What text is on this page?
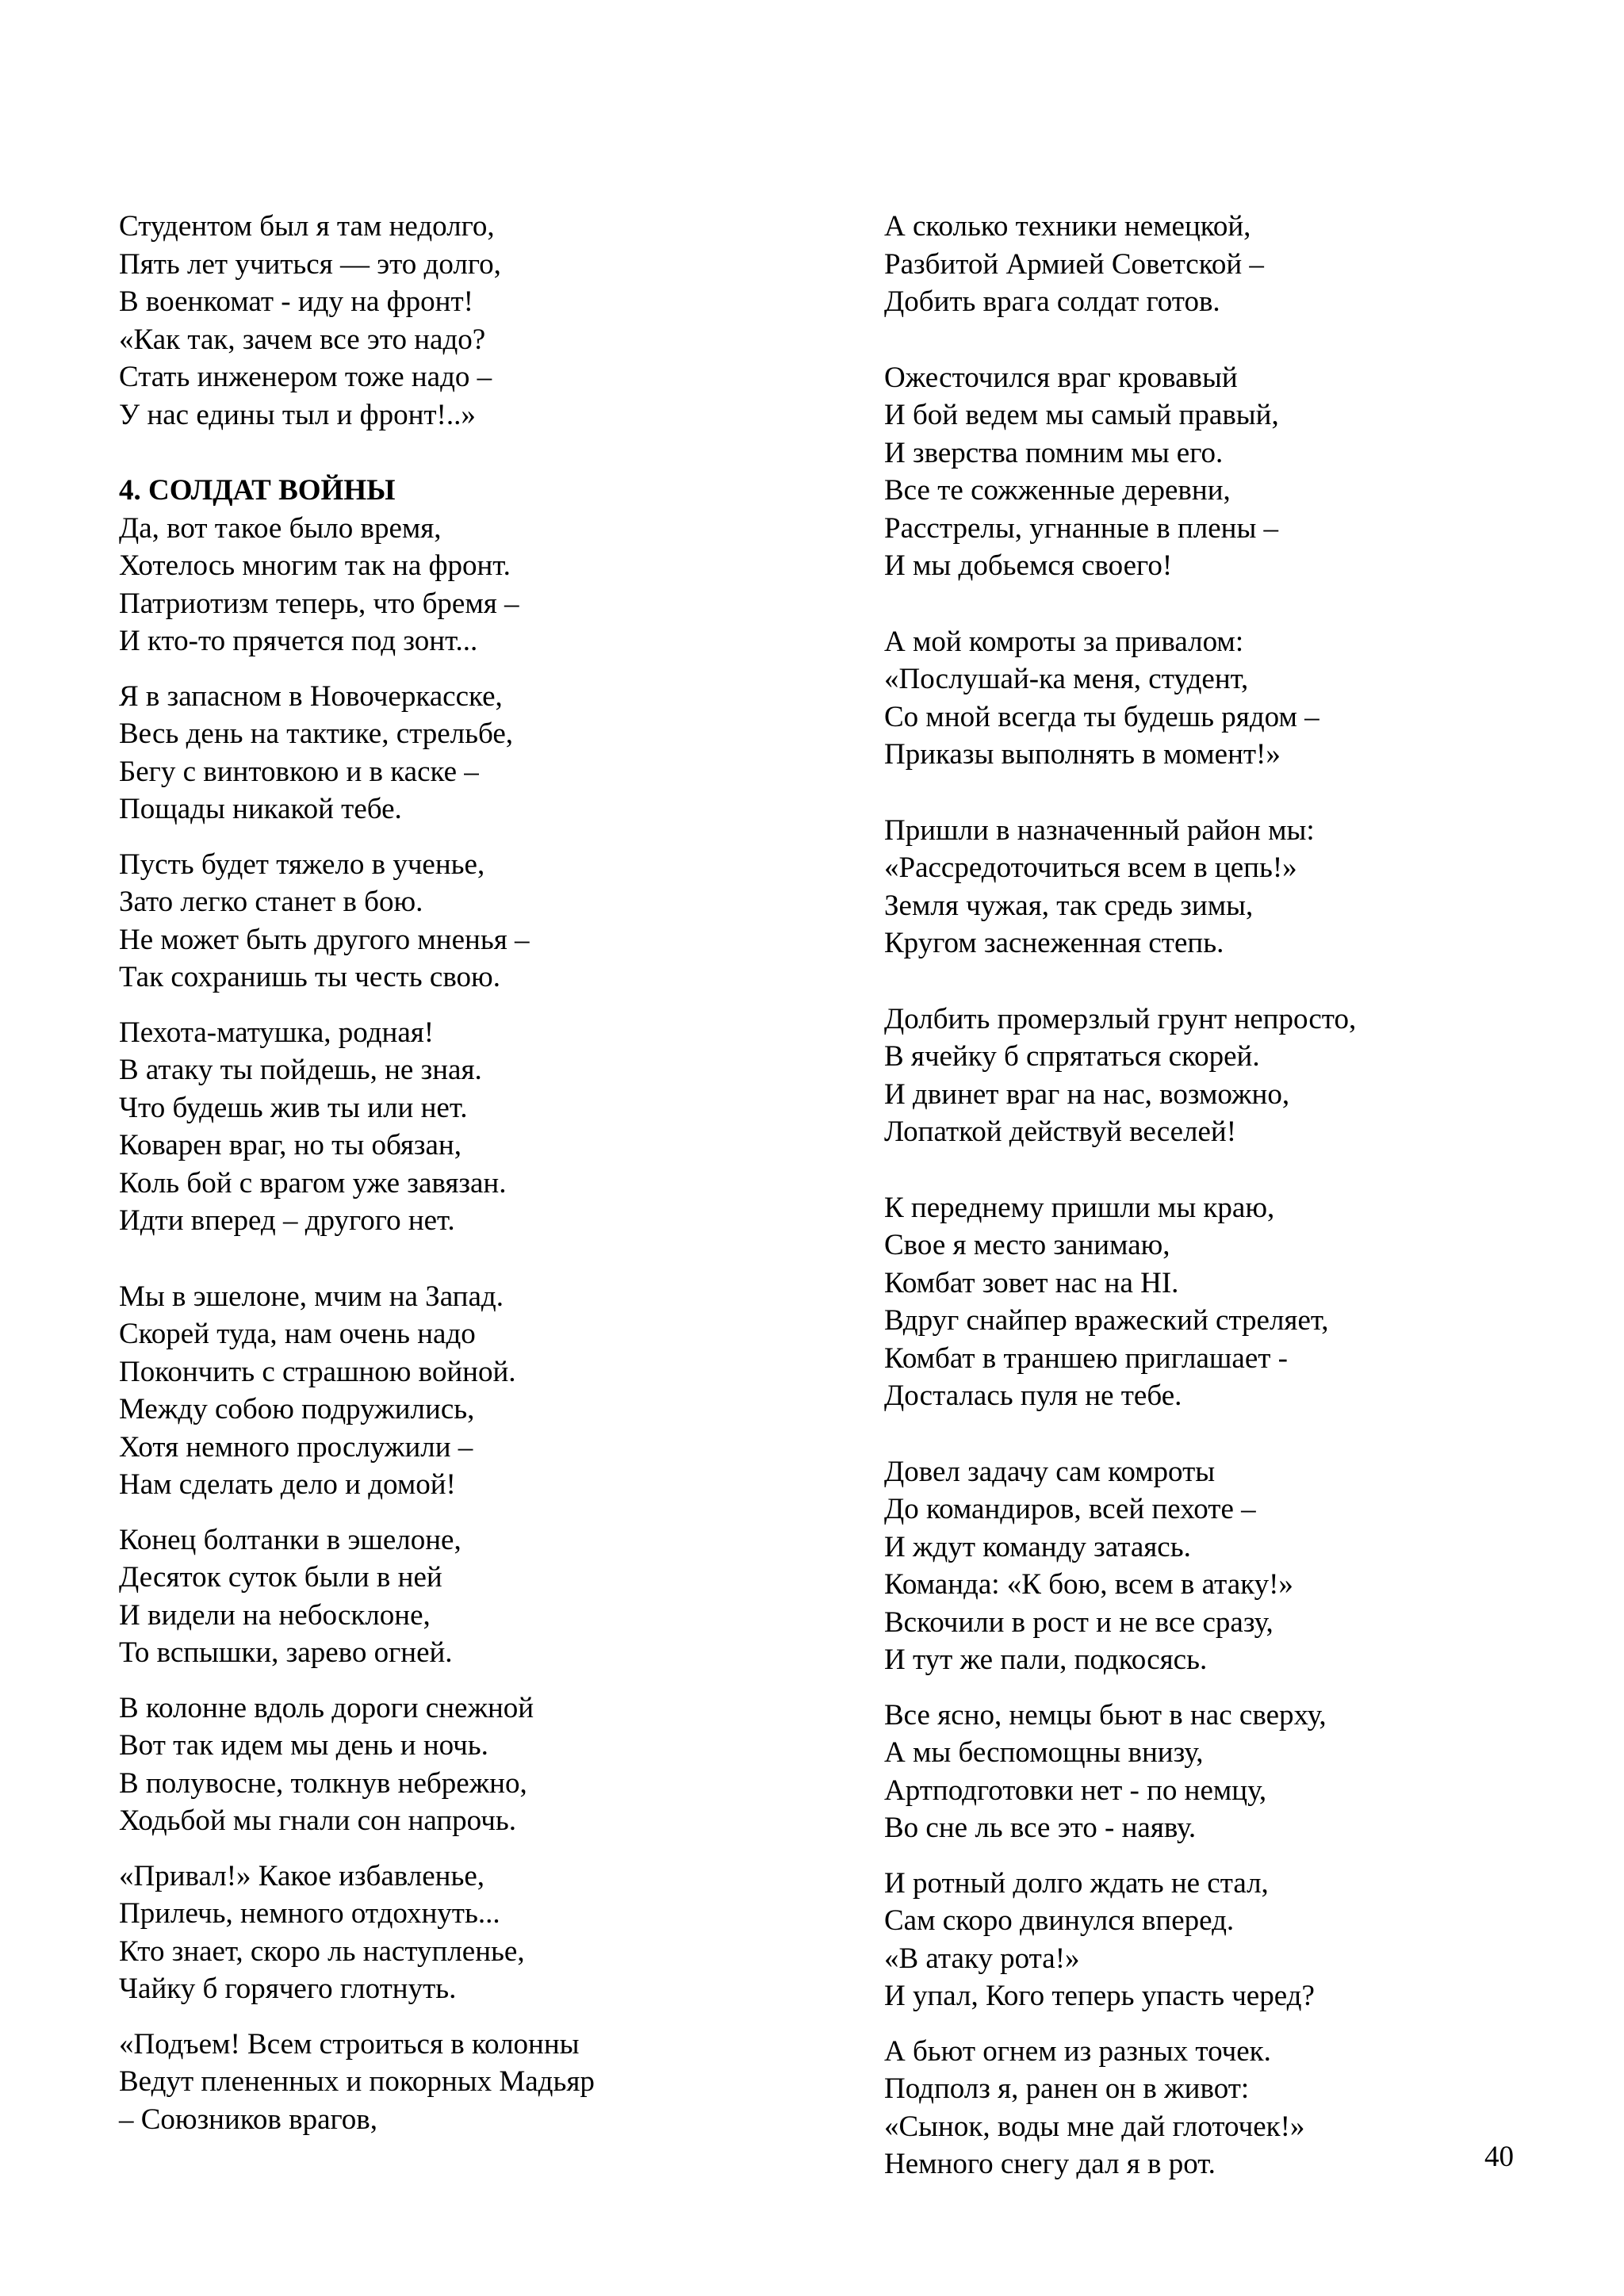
Студентом был я там недолго,
Пять лет учиться — это долго,
В военкомат - иду на фронт!
«Как так, зачем все это надо?
Стать инженером тоже надо –
У нас едины тыл и фронт!..»
4. СОЛДАТ ВОЙНЫ
Да, вот такое было время,
Хотелось многим так на фронт.
Патриотизм теперь, что бремя –
И кто-то прячется под зонт...
Я в запасном в Новочеркасске,
Весь день на тактике, стрельбе,
Бегу с винтовкою и в каске –
Пощады никакой тебе.
Пусть будет тяжело в ученье,
Зато легко станет в бою.
Не может быть другого мненья –
Так сохранишь ты честь свою.
Пехота-матушка, родная!
В атаку ты пойдешь, не зная.
Что будешь жив ты или нет.
Коварен враг, но ты обязан,
Коль бой с врагом уже завязан.
Идти вперед – другого нет.
Мы в эшелоне, мчим на Запад.
Скорей туда, нам очень надо
Покончить с страшною войной.
Между собою подружились,
Хотя немного прослужили –
Нам сделать дело и домой!
Конец болтанки в эшелоне,
Десяток суток были в ней
И видели на небосклоне,
То вспышки, зарево огней.
В колонне вдоль дороги снежной
Вот так идем мы день и ночь.
В полувосне, толкнув небрежно,
Ходьбой мы гнали сон напрочь.
«Привал!» Какое избавленье,
Прилечь, немного отдохнуть...
Кто знает, скоро ль наступленье,
Чайку б горячего глотнуть.
«Подъем! Всем строиться в колонны
Ведут плененных и покорных Мадьяр
– Союзников врагов,
А сколько техники немецкой,
Разбитой Армией Советской –
Добить врага солдат готов.
Ожесточился враг кровавый
И бой ведем мы самый правый,
И зверства помним мы его.
Все те сожженные деревни,
Расстрелы, угнанные в плены –
И мы добьемся своего!
А мой комроты за привалом:
«Послушай-ка меня, студент,
Со мной всегда ты будешь рядом –
Приказы выполнять в момент!»
Пришли в назначенный район мы:
«Рассредоточиться всем в цепь!»
Земля чужая, так средь зимы,
Кругом заснеженная степь.
Долбить промерзлый грунт непросто,
В ячейку б спрятаться скорей.
И двинет враг на нас, возможно,
Лопаткой действуй веселей!
К переднему пришли мы краю,
Свое я место занимаю,
Комбат зовет нас на НІ.
Вдруг снайпер вражеский стреляет,
Комбат в траншею приглашает -
Досталась пуля не тебе.
Довел задачу сам комроты
До командиров, всей пехоте –
И ждут команду затаясь.
Команда: «К бою, всем в атаку!»
Вскочили в рост и не все сразу,
И тут же пали, подкосясь.
Все ясно, немцы бьют в нас сверху,
А мы беспомощны внизу,
Артподготовки нет - по немцу,
Во сне ль все это - наяву.
И ротный долго ждать не стал,
Сам скоро двинулся вперед.
«В атаку рота!»
И упал, Кого теперь упасть черед?
А бьют огнем из разных точек.
Подполз я, ранен он в живот:
«Сынок, воды мне дай глоточек!»
Немного снегу дал я в рот.	40
